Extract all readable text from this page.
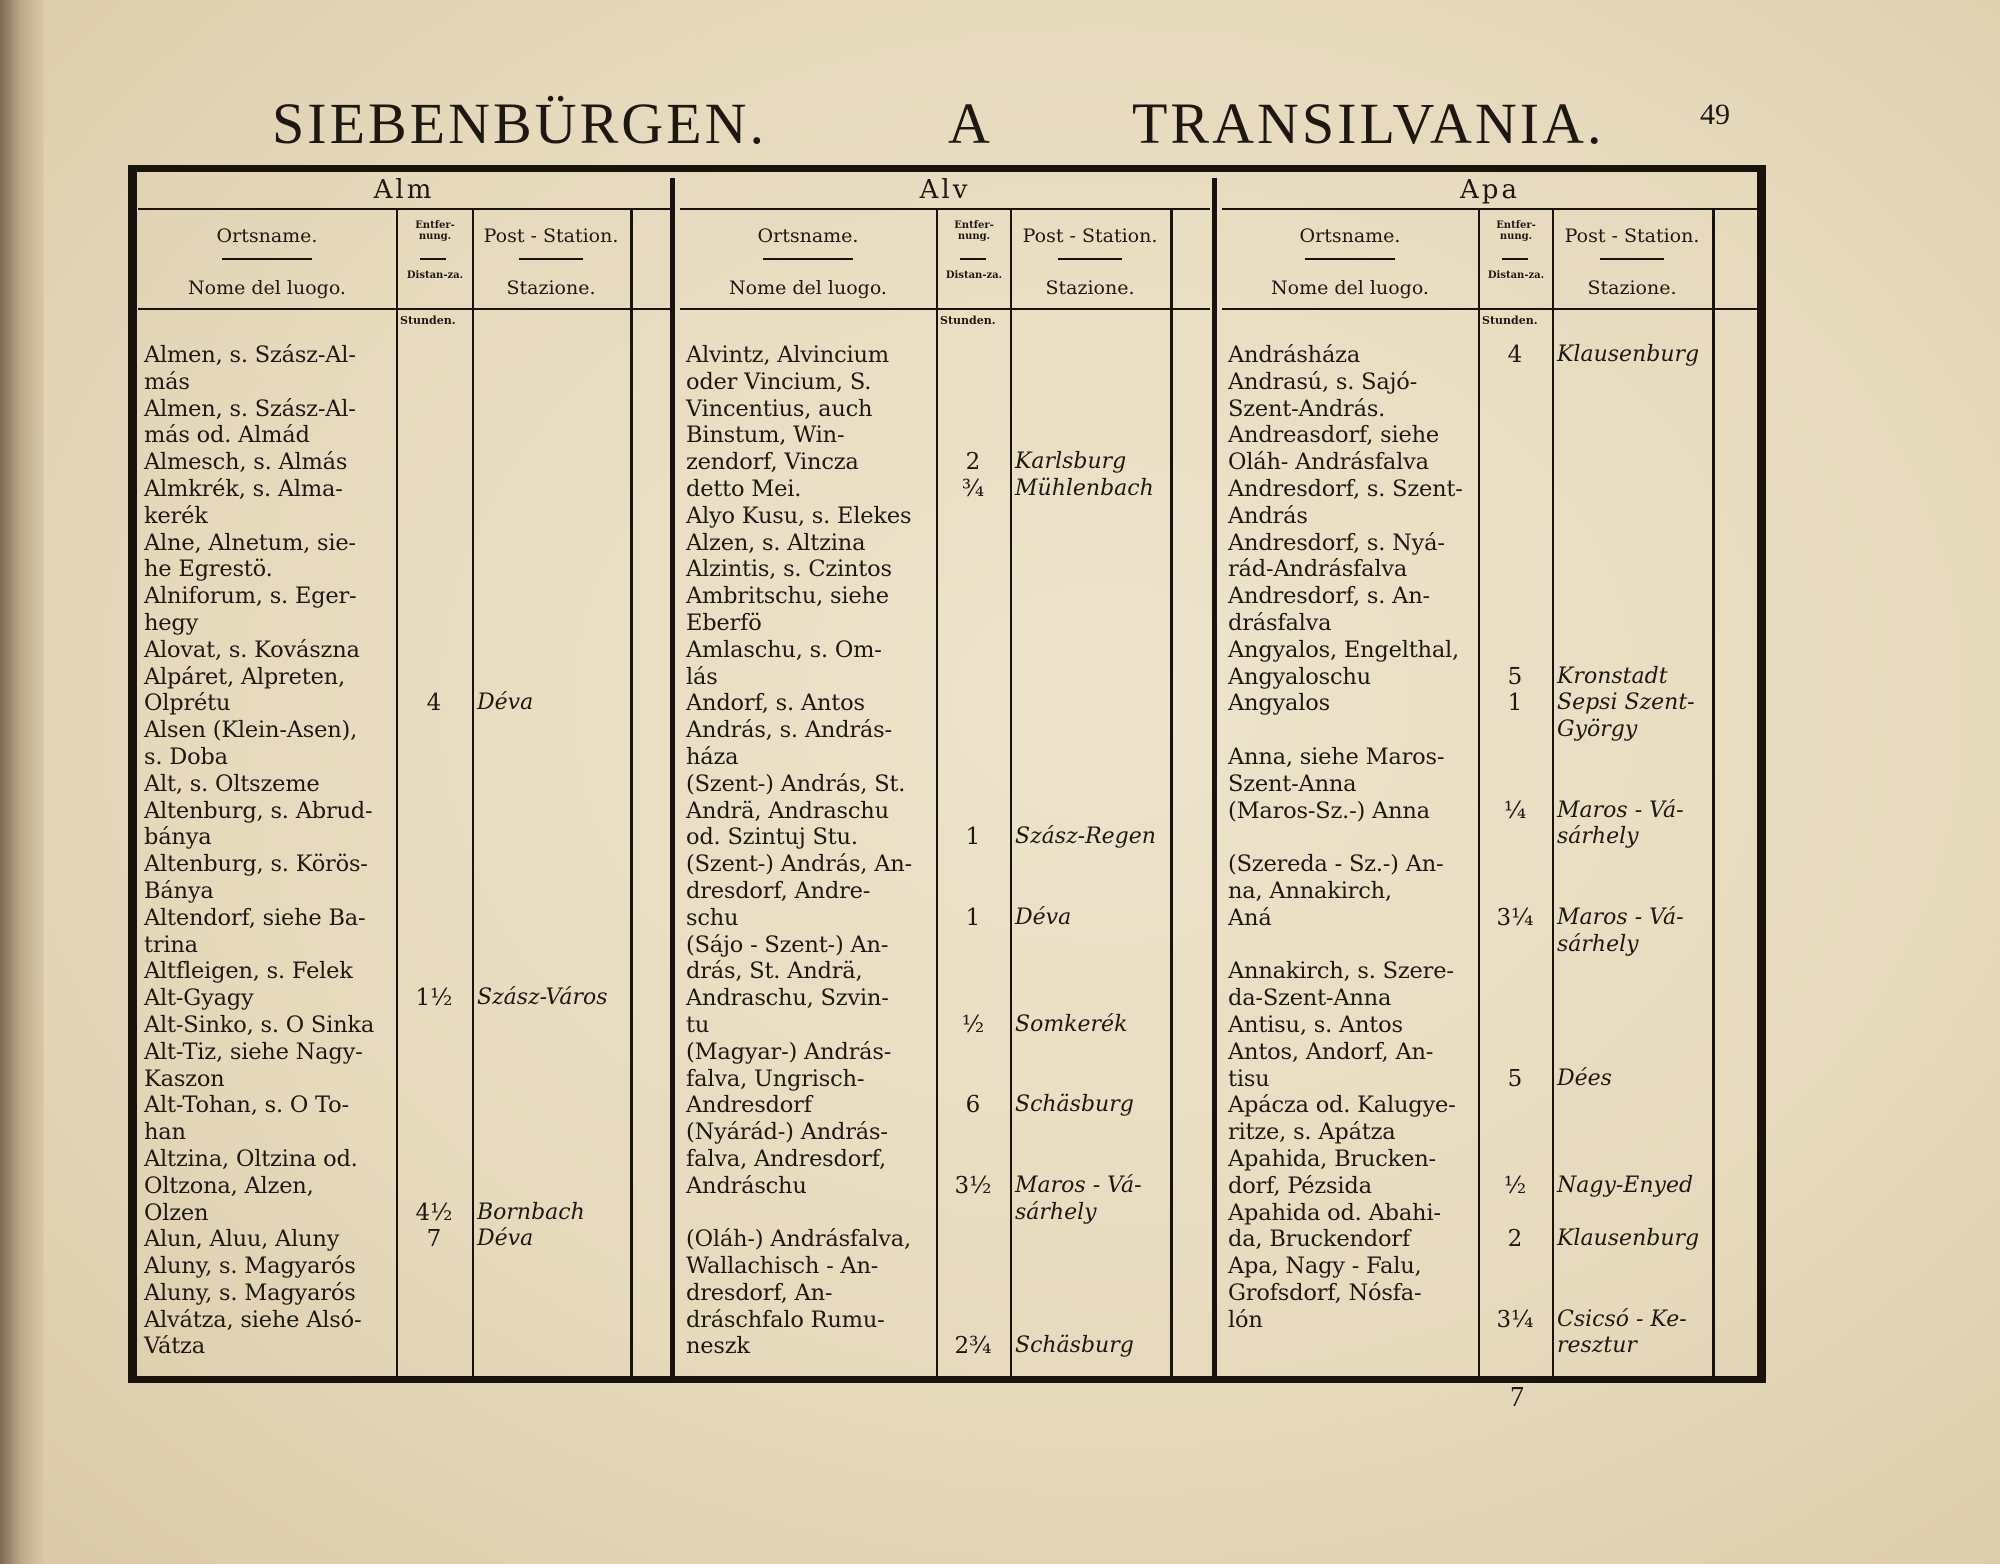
SIEBENBÜRGEN.	A TRANSILVANIA.	49
Alm
Ortsname.
Nome del luogo.
Entfer-nung.
Distan-za.
Post - Station.
Stazione.
Stunden.
Almen, s. Szász-Al-
más
Almen, s. Szász-Al-
más od. Almád
Almesch, s. Almás
Almkrék, s. Alma-
kerék
Alne, Alnetum, sie-
he Egrestö.
Alniforum, s. Eger-
hegy
Alovat, s. Kovászna
Alpáret, Alpreten,
Olprétu	4	Déva
Alsen (Klein-Asen),
s. Doba
Alt, s. Oltszeme
Altenburg, s. Abrud-
bánya
Altenburg, s. Körös-
Bánya
Altendorf, siehe Ba-
trina
Altfleigen, s. Felek
Alt-Gyagy	1½	Szász-Város
Alt-Sinko, s. O Sinka
Alt-Tiz, siehe Nagy-
Kaszon
Alt-Tohan, s. O To-
han
Altzina, Oltzina od.
Oltzona, Alzen,
Olzen	4½	Bornbach
Alun, Aluu, Aluny	7	Déva
Aluny, s. Magyarós
Aluny, s. Magyarós
Alvátza, siehe Alsó-
Vátza
Alv
Ortsname.
Nome del luogo.
Entfer-nung.
Distan-za.
Post - Station.
Stazione.
Stunden.
Alvintz, Alvincium
oder Vincium, S.
Vincentius, auch
Binstum, Win-
zendorf, Vincza	2	Karlsburg
detto Mei.	¾	Mühlenbach
Alyo Kusu, s. Elekes
Alzen, s. Altzina
Alzintis, s. Czintos
Ambritschu, siehe
Eberfö
Amlaschu, s. Om-
lás
Andorf, s. Antos
András, s. András-
háza
(Szent-) András, St.
Andrä, Andraschu
od. Szintuj Stu.	1	Szász-Regen
(Szent-) András, An-
dresdorf, Andre-
schu	1	Déva
(Sájo - Szent-) An-
drás, St. Andrä,
Andraschu, Szvin-
tu	½	Somkerék
(Magyar-) András-
falva, Ungrisch-
Andresdorf	6	Schäsburg
(Nyárád-) András-
falva, Andresdorf,
Andráschu	3½	Maros - Vá-
sárhely
(Oláh-) Andrásfalva,
Wallachisch - An-
dresdorf, An-
dráschfalo Rumu-
neszk	2¾	Schäsburg
Apa
Ortsname.
Nome del luogo.
Entfer-nung.
Distan-za.
Post - Station.
Stazione.
Stunden.
Andrásháza	4	Klausenburg
Andrasú, s. Sajó-
Szent-András.
Andreasdorf, siehe
Oláh- Andrásfalva
Andresdorf, s. Szent-
András
Andresdorf, s. Nyá-
rád-Andrásfalva
Andresdorf, s. An-
drásfalva
Angyalos, Engelthal,
Angyaloschu	5	Kronstadt
Angyalos	1	Sepsi Szent-
György
Anna, siehe Maros-
Szent-Anna
(Maros-Sz.-) Anna	¼	Maros - Vá-
sárhely
(Szereda - Sz.-) An-
na, Annakirch,
Aná	3¼	Maros - Vá-
sárhely
Annakirch, s. Szere-
da-Szent-Anna
Antisu, s. Antos
Antos, Andorf, An-
tisu	5	Dées
Apácza od. Kalugye-
ritze, s. Apátza
Apahida, Brucken-
dorf, Pézsida	½	Nagy-Enyed
Apahida od. Abahi-
da, Bruckendorf	2	Klausenburg
Apa, Nagy - Falu,
Grofsdorf, Nósfa-
lón	3¼	Csicsó - Ke-
resztur
7
